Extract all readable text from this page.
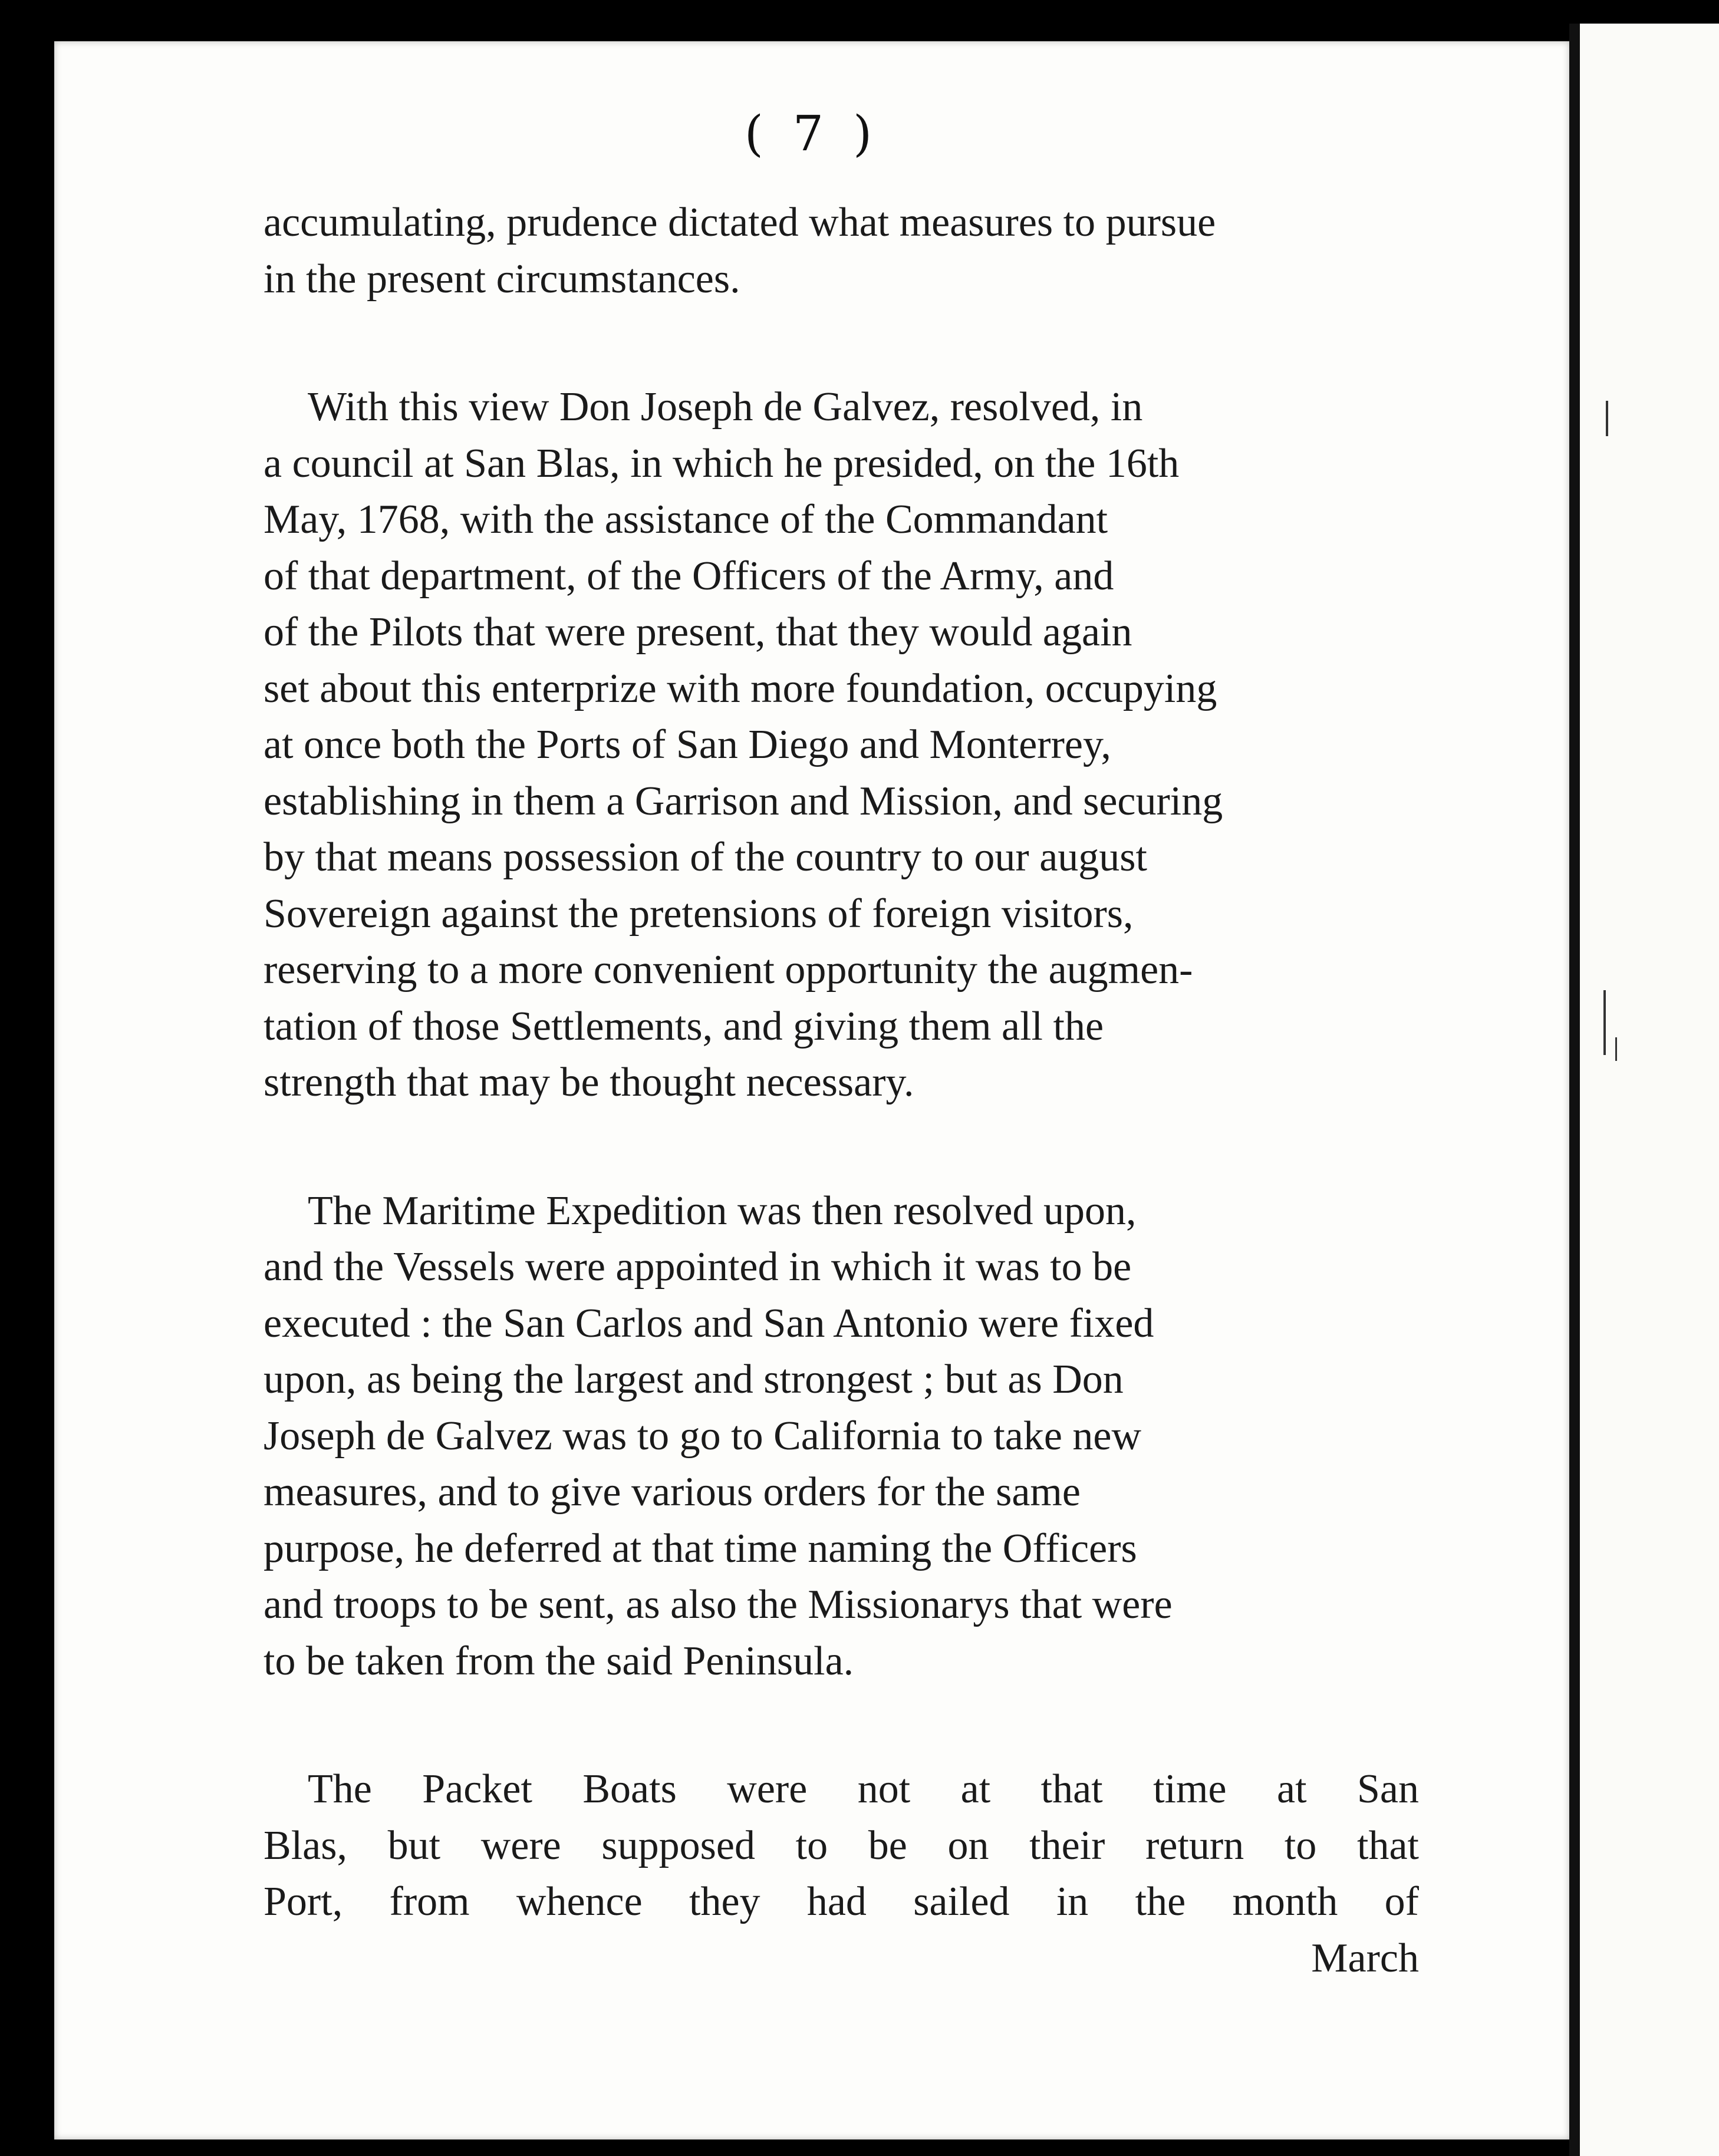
( 7 )

accumulating, prudence dictated what measures to pursue
in the present circumstances.

With this view Don Joseph de Galvez, resolved, in
a council at San Blas, in which he presided, on the 16th
May, 1768, with the assistance of the Commandant
of that department, of the Officers of the Army, and
of the Pilots that were present, that they would again
set about this enterprize with more foundation, occupying
at once both the Ports of San Diego and Monterrey,
establishing in them a Garrison and Mission, and securing
by that means possession of the country to our august
Sovereign against the pretensions of foreign visitors,
reserving to a more convenient opportunity the augmen-
tation of those Settlements, and giving them all the
strength that may be thought necessary.

The Maritime Expedition was then resolved upon,
and the Vessels were appointed in which it was to be
executed : the San Carlos and San Antonio were fixed
upon, as being the largest and strongest ; but as Don
Joseph de Galvez was to go to California to take new
measures, and to give various orders for the same
purpose, he deferred at that time naming the Officers
and troops to be sent, as also the Missionarys that were
to be taken from the said Peninsula.

The Packet Boats were not at that time at San
Blas, but were supposed to be on their return to that
Port, from whence they had sailed in the month of
March
